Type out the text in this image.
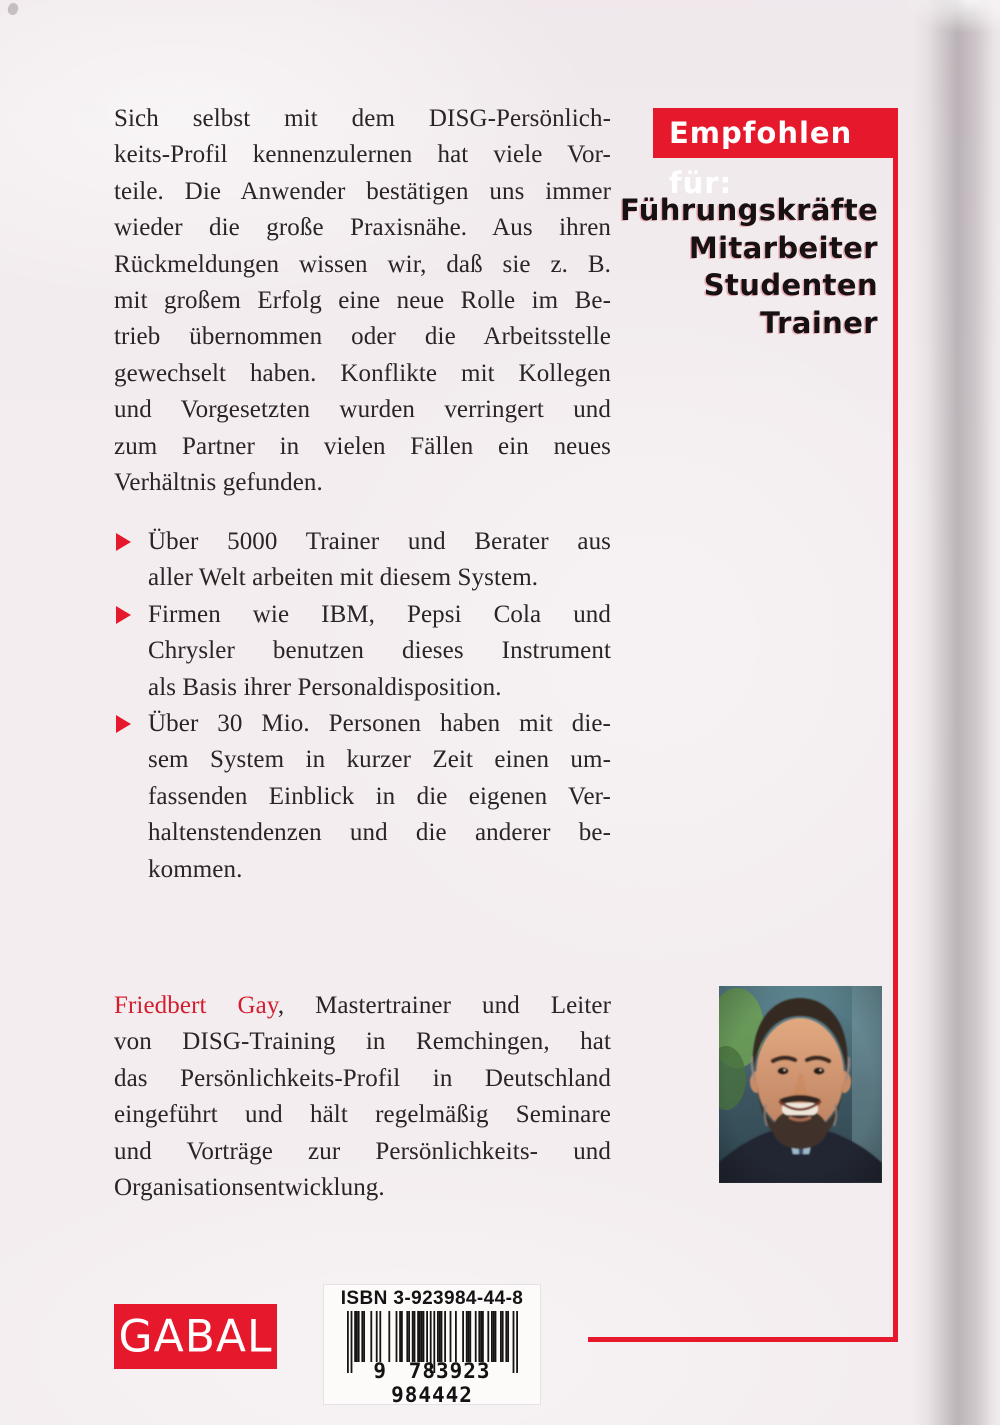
Sich selbst mit dem DISG-Persönlich-
keits-Profil kennenzulernen hat viele Vor-
teile. Die Anwender bestätigen uns immer
wieder die große Praxisnähe. Aus ihren
Rückmeldungen wissen wir, daß sie z. B.
mit großem Erfolg eine neue Rolle im Be-
trieb übernommen oder die Arbeitsstelle
gewechselt haben. Konflikte mit Kollegen
und Vorgesetzten wurden verringert und
zum Partner in vielen Fällen ein neues
Verhältnis gefunden.
Über 5000 Trainer und Berater aus
aller Welt arbeiten mit diesem System.
Firmen wie IBM, Pepsi Cola und
Chrysler benutzen dieses Instrument
als Basis ihrer Personaldisposition.
Über 30 Mio. Personen haben mit die-
sem System in kurzer Zeit einen um-
fassenden Einblick in die eigenen Ver-
haltenstendenzen und die anderer be-
kommen.
Empfohlen für:
Führungskräfte
Mitarbeiter
Studenten
Trainer
Friedbert Gay, Mastertrainer und Leiter
von DISG-Training in Remchingen, hat
das Persönlichkeits-Profil in Deutschland
eingeführt und hält regelmäßig Seminare
und Vorträge zur Persönlichkeits- und
Organisationsentwicklung.
GABAL
ISBN 3-923984-44-8
9 783923 984442
